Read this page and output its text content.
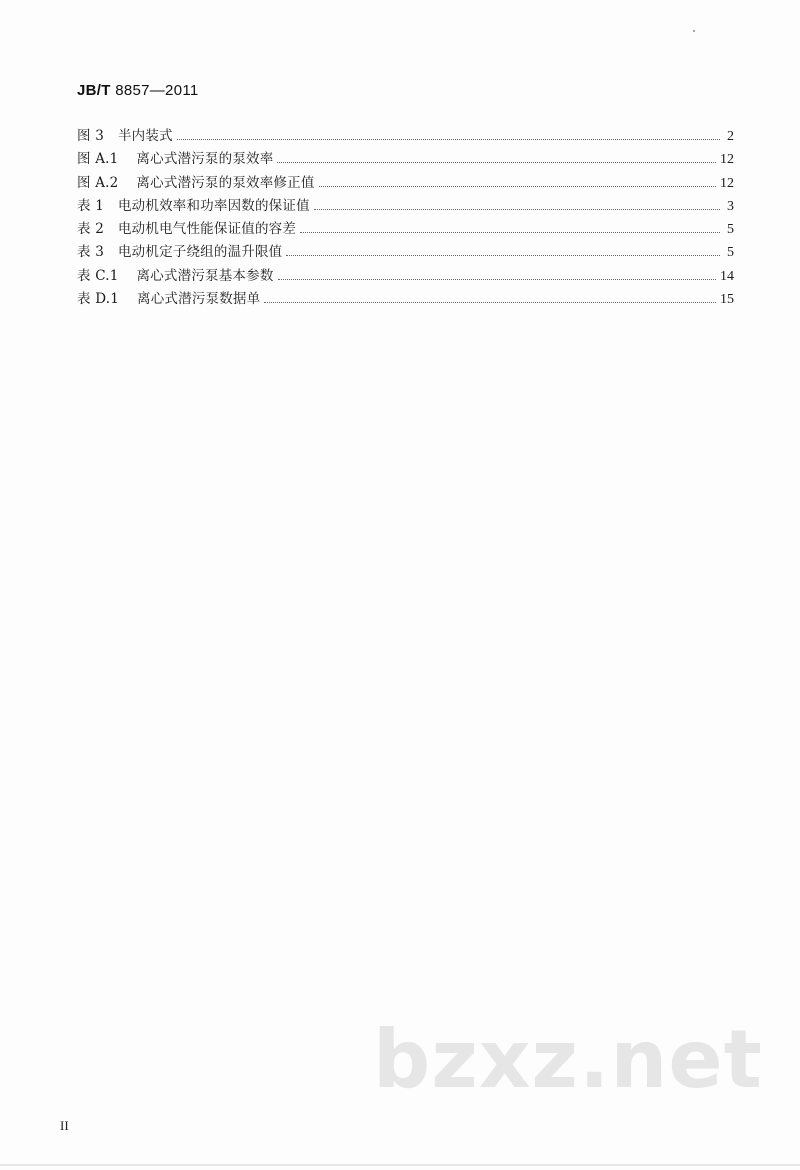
JB/T 8857—2011
图 3 半内装式	2
图 A.1 离心式潜污泵的泵效率	12
图 A.2 离心式潜污泵的泵效率修正值	12
表 1 电动机效率和功率因数的保证值	3
表 2 电动机电气性能保证值的容差	5
表 3 电动机定子绕组的温升限值	5
表 C.1 离心式潜污泵基本参数	14
表 D.1 离心式潜污泵数据单	15
bzxz.net
II
